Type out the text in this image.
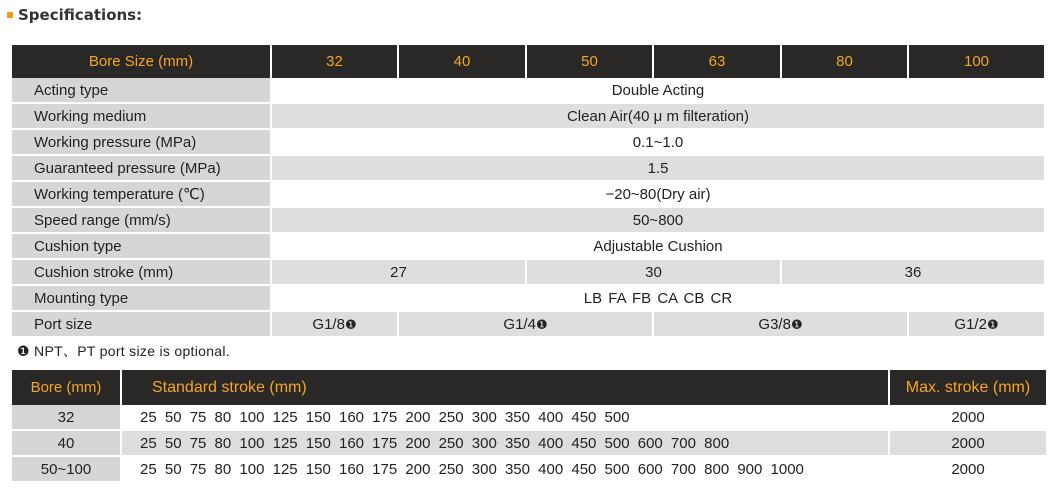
Specifications:
Bore Size (mm)	32	40	50	63	80	100
Acting type	Double Acting					
Working medium	Clean Air(40 μ m filteration)					
Working pressure (MPa)	0.1~1.0					
Guaranteed pressure (MPa)	1.5					
Working temperature (℃)	−20~80(Dry air)					
Speed range (mm/s)	50~800					
Cushion type	Adjustable Cushion					
Cushion stroke (mm)	27		30		36	
Mounting type	LB FA FB CA CB CR					
Port size	G1/8❶	G1/4❶		G3/8❶		G1/2❶
❶ NPT、PT port size is optional.
Bore (mm)	Standard stroke (mm)	Max. stroke (mm)
32	25 50 75 80 100 125 150 160 175 200 250 300 350 400 450 500	2000
40	25 50 75 80 100 125 150 160 175 200 250 300 350 400 450 500 600 700 800	2000
50~100	25 50 75 80 100 125 150 160 175 200 250 300 350 400 450 500 600 700 800 900 1000	2000
